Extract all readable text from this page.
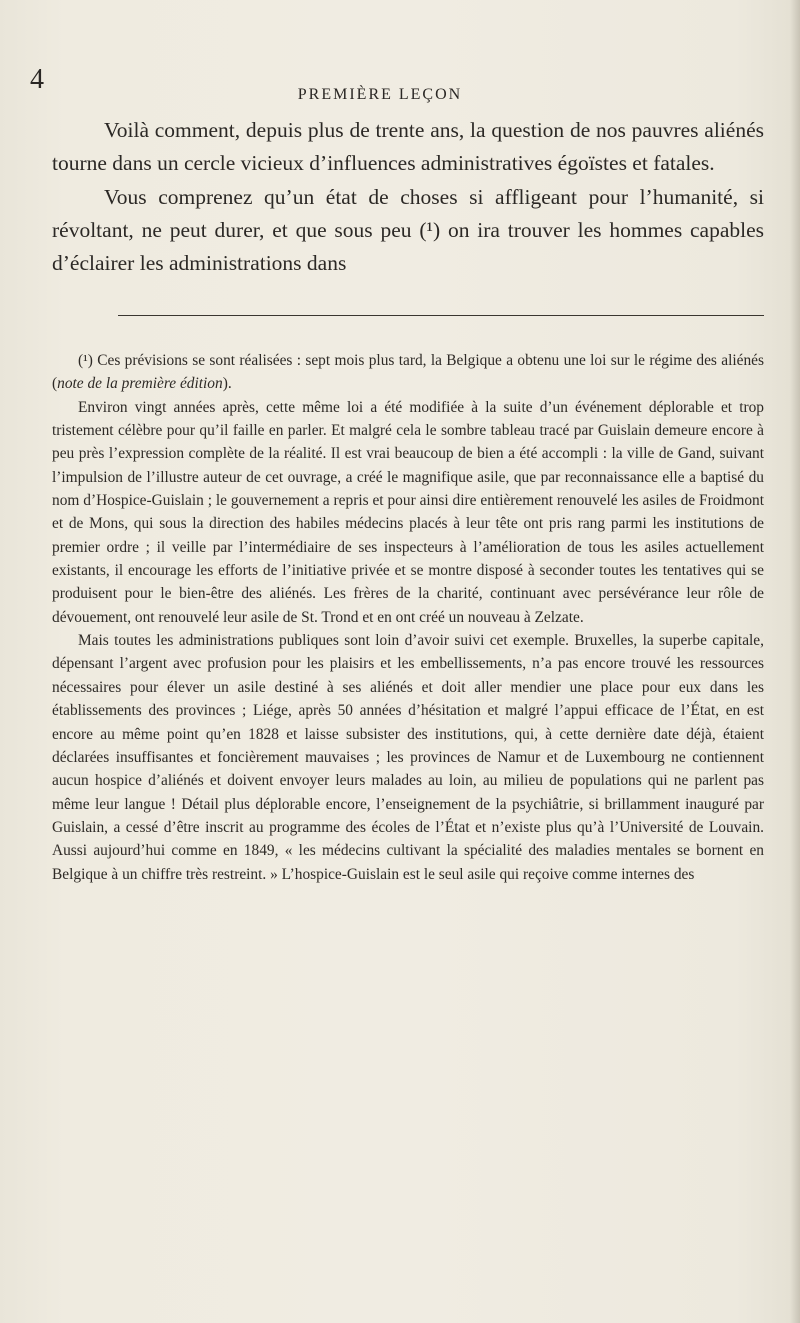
4	PREMIÈRE LEÇON

Voilà comment, depuis plus de trente ans, la question de nos pauvres aliénés tourne dans un cercle vicieux d’influences administratives égoïstes et fatales.

Vous comprenez qu’un état de choses si affligeant pour l’humanité, si révoltant, ne peut durer, et que sous peu (¹) on ira trouver les hommes capables d’éclairer les administrations dans

(¹) Ces prévisions se sont réalisées : sept mois plus tard, la Belgique a obtenu une loi sur le régime des aliénés (note de la première édition).

Environ vingt années après, cette même loi a été modifiée à la suite d’un événement déplorable et trop tristement célèbre pour qu’il faille en parler. Et malgré cela le sombre tableau tracé par Guislain demeure encore à peu près l’expression complète de la réalité. Il est vrai beaucoup de bien a été accompli : la ville de Gand, suivant l’impulsion de l’illustre auteur de cet ouvrage, a créé le magnifique asile, que par reconnaissance elle a baptisé du nom d’Hospice-Guislain ; le gouvernement a repris et pour ainsi dire entièrement renouvelé les asiles de Froidmont et de Mons, qui sous la direction des habiles médecins placés à leur tête ont pris rang parmi les institutions de premier ordre ; il veille par l’intermédiaire de ses inspecteurs à l’amélioration de tous les asiles actuellement existants, il encourage les efforts de l’initiative privée et se montre disposé à seconder toutes les tentatives qui se produisent pour le bien-être des aliénés. Les frères de la charité, continuant avec persévérance leur rôle de dévouement, ont renouvelé leur asile de St. Trond et en ont créé un nouveau à Zelzate.

Mais toutes les administrations publiques sont loin d’avoir suivi cet exemple. Bruxelles, la superbe capitale, dépensant l’argent avec profusion pour les plaisirs et les embellissements, n’a pas encore trouvé les ressources nécessaires pour élever un asile destiné à ses aliénés et doit aller mendier une place pour eux dans les établissements des provinces ; Liége, après 50 années d’hésitation et malgré l’appui efficace de l’État, en est encore au même point qu’en 1828 et laisse subsister des institutions, qui, à cette dernière date déjà, étaient déclarées insuffisantes et foncièrement mauvaises ; les provinces de Namur et de Luxembourg ne contiennent aucun hospice d’aliénés et doivent envoyer leurs malades au loin, au milieu de populations qui ne parlent pas même leur langue ! Détail plus déplorable encore, l’enseignement de la psychiâtrie, si brillamment inauguré par Guislain, a cessé d’être inscrit au programme des écoles de l’État et n’existe plus qu’à l’Université de Louvain. Aussi aujourd’hui comme en 1849, « les médecins cultivant la spécialité des maladies mentales se bornent en Belgique à un chiffre très restreint. » L’hospice-Guislain est le seul asile qui reçoive comme internes des
